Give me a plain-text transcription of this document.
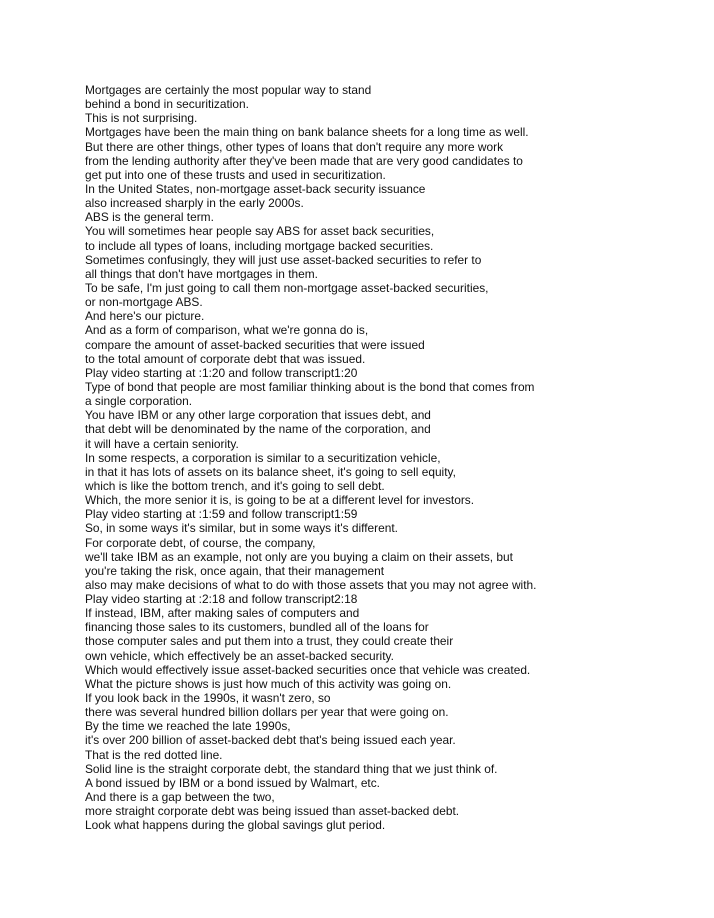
Mortgages are certainly the most popular way to stand
behind a bond in securitization.
This is not surprising.
Mortgages have been the main thing on bank balance sheets for a long time as well.
But there are other things, other types of loans that don't require any more work
from the lending authority after they've been made that are very good candidates to
get put into one of these trusts and used in securitization.
In the United States, non-mortgage asset-back security issuance
also increased sharply in the early 2000s.
ABS is the general term.
You will sometimes hear people say ABS for asset back securities,
to include all types of loans, including mortgage backed securities.
Sometimes confusingly, they will just use asset-backed securities to refer to
all things that don't have mortgages in them.
To be safe, I'm just going to call them non-mortgage asset-backed securities,
or non-mortgage ABS.
And here's our picture.
And as a form of comparison, what we're gonna do is,
compare the amount of asset-backed securities that were issued
to the total amount of corporate debt that was issued.
Play video starting at :1:20 and follow transcript1:20
Type of bond that people are most familiar thinking about is the bond that comes from
a single corporation.
You have IBM or any other large corporation that issues debt, and
that debt will be denominated by the name of the corporation, and
it will have a certain seniority.
In some respects, a corporation is similar to a securitization vehicle,
in that it has lots of assets on its balance sheet, it's going to sell equity,
which is like the bottom trench, and it's going to sell debt.
Which, the more senior it is, is going to be at a different level for investors.
Play video starting at :1:59 and follow transcript1:59
So, in some ways it's similar, but in some ways it's different.
For corporate debt, of course, the company,
we'll take IBM as an example, not only are you buying a claim on their assets, but
you're taking the risk, once again, that their management
also may make decisions of what to do with those assets that you may not agree with.
Play video starting at :2:18 and follow transcript2:18
If instead, IBM, after making sales of computers and
financing those sales to its customers, bundled all of the loans for
those computer sales and put them into a trust, they could create their
own vehicle, which effectively be an asset-backed security.
Which would effectively issue asset-backed securities once that vehicle was created.
What the picture shows is just how much of this activity was going on.
If you look back in the 1990s, it wasn't zero, so
there was several hundred billion dollars per year that were going on.
By the time we reached the late 1990s,
it's over 200 billion of asset-backed debt that's being issued each year.
That is the red dotted line.
Solid line is the straight corporate debt, the standard thing that we just think of.
A bond issued by IBM or a bond issued by Walmart, etc.
And there is a gap between the two,
more straight corporate debt was being issued than asset-backed debt.
Look what happens during the global savings glut period.
